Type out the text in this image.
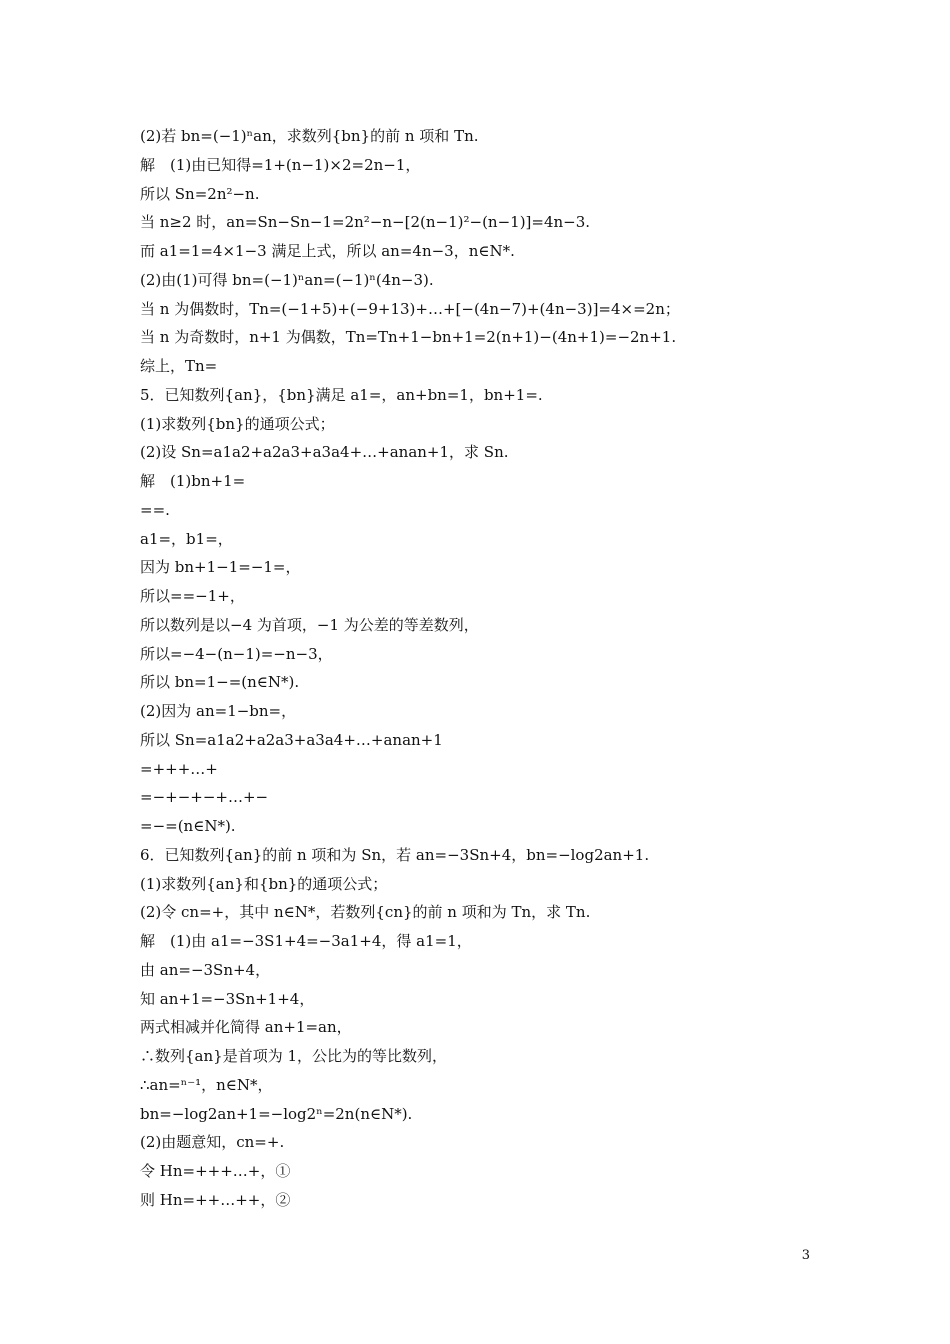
(2)若 bn=(−1)ⁿan，求数列{bn}的前 n 项和 Tn.
解　(1)由已知得=1+(n−1)×2=2n−1，
所以 Sn=2n²−n.
当 n≥2 时，an=Sn−Sn−1=2n²−n−[2(n−1)²−(n−1)]=4n−3.
而 a1=1=4×1−3 满足上式，所以 an=4n−3，n∈N*.
(2)由(1)可得 bn=(−1)ⁿan=(−1)ⁿ(4n−3).
当 n 为偶数时，Tn=(−1+5)+(−9+13)+…+[−(4n−7)+(4n−3)]=4×=2n；
当 n 为奇数时，n+1 为偶数，Tn=Tn+1−bn+1=2(n+1)−(4n+1)=−2n+1.
综上，Tn=
5．已知数列{an}，{bn}满足 a1=，an+bn=1，bn+1=.
(1)求数列{bn}的通项公式；
(2)设 Sn=a1a2+a2a3+a3a4+…+anan+1，求 Sn.
解　(1)bn+1=
==.
a1=，b1=，
因为 bn+1−1=−1=，
所以==−1+，
所以数列是以−4 为首项，−1 为公差的等差数列，
所以=−4−(n−1)=−n−3，
所以 bn=1−=(n∈N*).
(2)因为 an=1−bn=，
所以 Sn=a1a2+a2a3+a3a4+…+anan+1
=+++…+
=−+−+−+…+−
=−=(n∈N*).
6．已知数列{an}的前 n 项和为 Sn，若 an=−3Sn+4，bn=−log2an+1.
(1)求数列{an}和{bn}的通项公式；
(2)令 cn=+，其中 n∈N*，若数列{cn}的前 n 项和为 Tn，求 Tn.
解　(1)由 a1=−3S1+4=−3a1+4，得 a1=1，
由 an=−3Sn+4，
知 an+1=−3Sn+1+4，
两式相减并化简得 an+1=an，
∴数列{an}是首项为 1，公比为的等比数列，
∴an=ⁿ⁻¹，n∈N*，
bn=−log2an+1=−log2ⁿ=2n(n∈N*).
(2)由题意知，cn=+.
令 Hn=+++…+，①
则 Hn=++…++，②
3
